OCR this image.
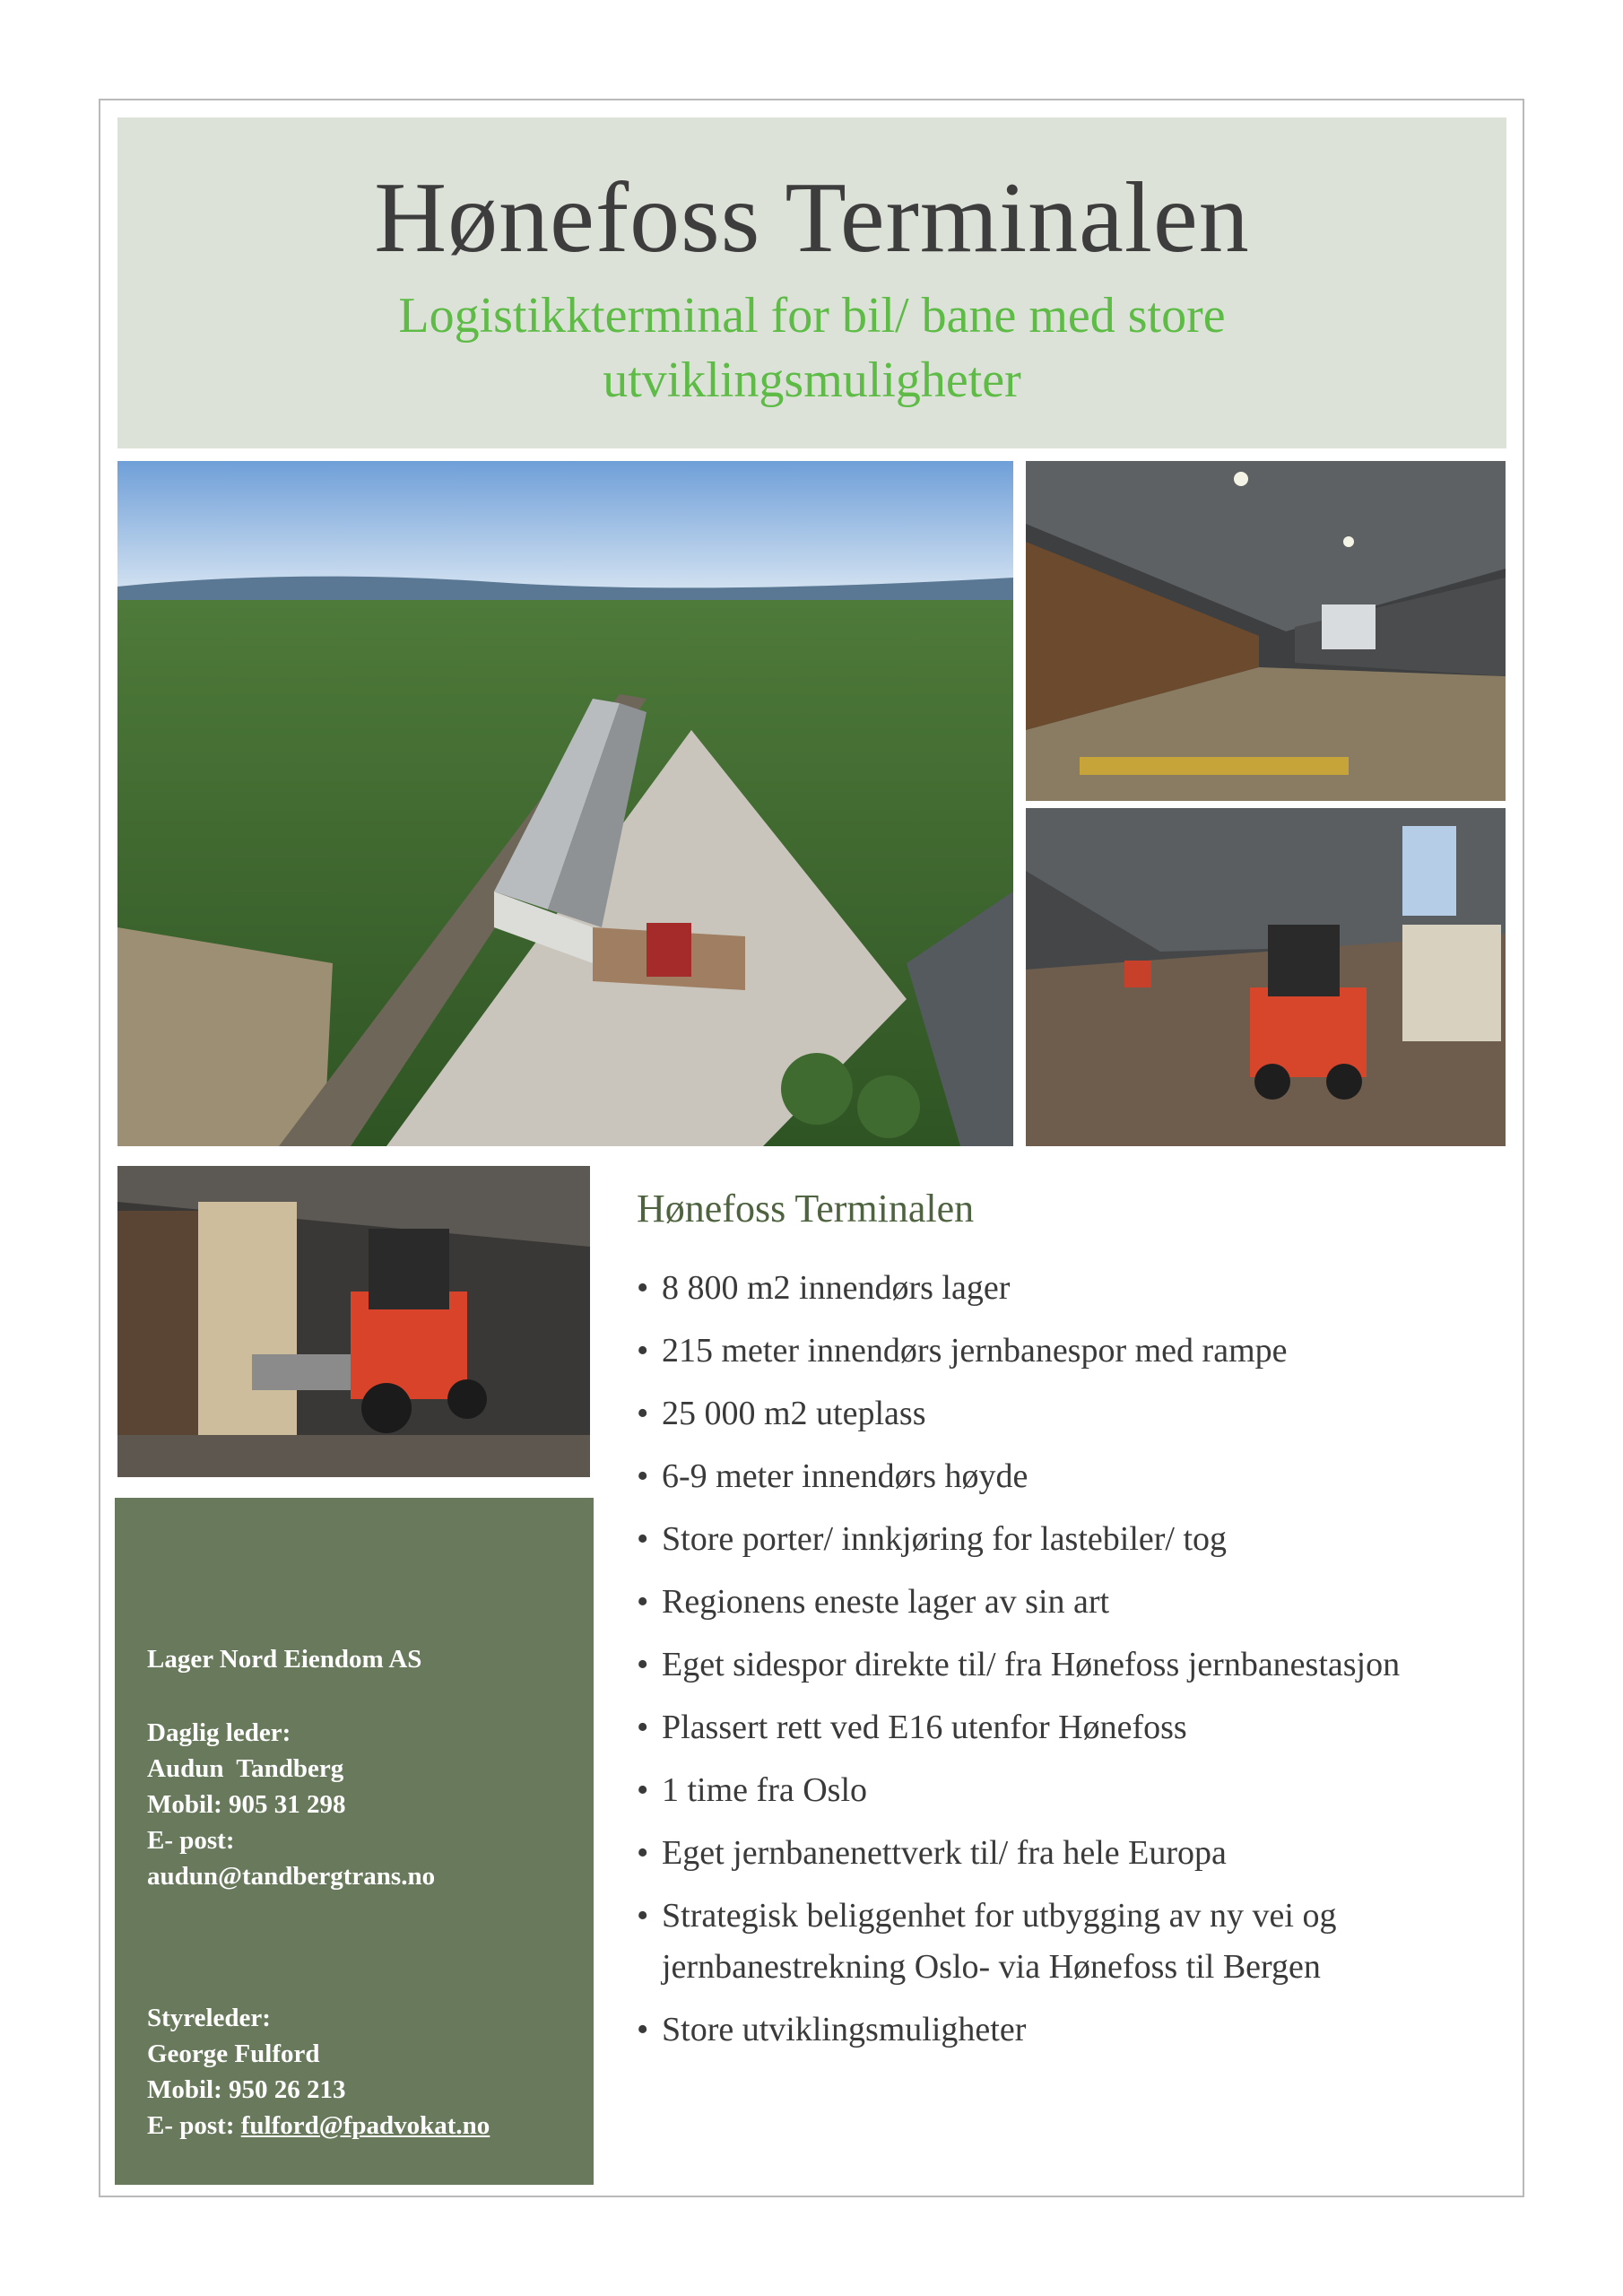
Hønefoss Terminalen
Logistikkterminal for bil/ bane med store
utviklingsmuligheter
Lager Nord Eiendom AS
Daglig leder:
Audun  Tandberg
Mobil: 905 31 298
E- post:
audun@tandbergtrans.no
Styreleder:
George Fulford
Mobil: 950 26 213
E- post: fulford@fpadvokat.no
Hønefoss Terminalen
• 8 800 m2 innendørs lager
• 215 meter innendørs jernbanespor med rampe
• 25 000 m2 uteplass
• 6-9 meter innendørs høyde
• Store porter/ innkjøring for lastebiler/ tog
• Regionens eneste lager av sin art
• Eget sidespor direkte til/ fra Hønefoss jernbanestasjon
• Plassert rett ved E16 utenfor Hønefoss
• 1 time fra Oslo
• Eget jernbanenettverk til/ fra hele Europa
• Strategisk beliggenhet for utbygging av ny vei og
jernbanestrekning Oslo- via Hønefoss til Bergen
• Store utviklingsmuligheter
